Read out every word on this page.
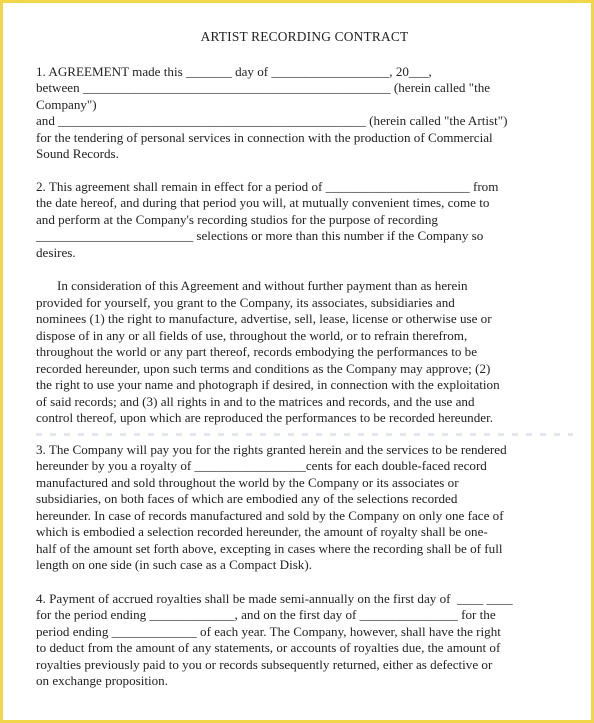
ARTIST RECORDING CONTRACT
1. AGREEMENT made this _______ day of __________________, 20___,
between _______________________________________________ (herein called "the
Company")
and _______________________________________________ (herein called "the Artist")
for the tendering of personal services in connection with the production of Commercial
Sound Records.
2. This agreement shall remain in effect for a period of ______________________ from
the date hereof, and during that period you will, at mutually convenient times, come to
and perform at the Company's recording studios for the purpose of recording
________________________ selections or more than this number if the Company so
desires.
In consideration of this Agreement and without further payment than as herein
provided for yourself, you grant to the Company, its associates, subsidiaries and
nominees (1) the right to manufacture, advertise, sell, lease, license or otherwise use or
dispose of in any or all fields of use, throughout the world, or to refrain therefrom,
throughout the world or any part thereof, records embodying the performances to be
recorded hereunder, upon such terms and conditions as the Company may approve; (2)
the right to use your name and photograph if desired, in connection with the exploitation
of said records; and (3) all rights in and to the matrices and records, and the use and
control thereof, upon which are reproduced the performances to be recorded hereunder.
3. The Company will pay you for the rights granted herein and the services to be rendered
hereunder by you a royalty of _________________cents for each double-faced record
manufactured and sold throughout the world by the Company or its associates or
subsidiaries, on both faces of which are embodied any of the selections recorded
hereunder. In case of records manufactured and sold by the Company on only one face of
which is embodied a selection recorded hereunder, the amount of royalty shall be one-
half of the amount set forth above, excepting in cases where the recording shall be of full
length on one side (in such case as a Compact Disk).
4. Payment of accrued royalties shall be made semi-annually on the first day of  ____ ____
for the period ending _____________, and on the first day of _______________ for the
period ending _____________ of each year. The Company, however, shall have the right
to deduct from the amount of any statements, or accounts of royalties due, the amount of
royalties previously paid to you or records subsequently returned, either as defective or
on exchange proposition.
